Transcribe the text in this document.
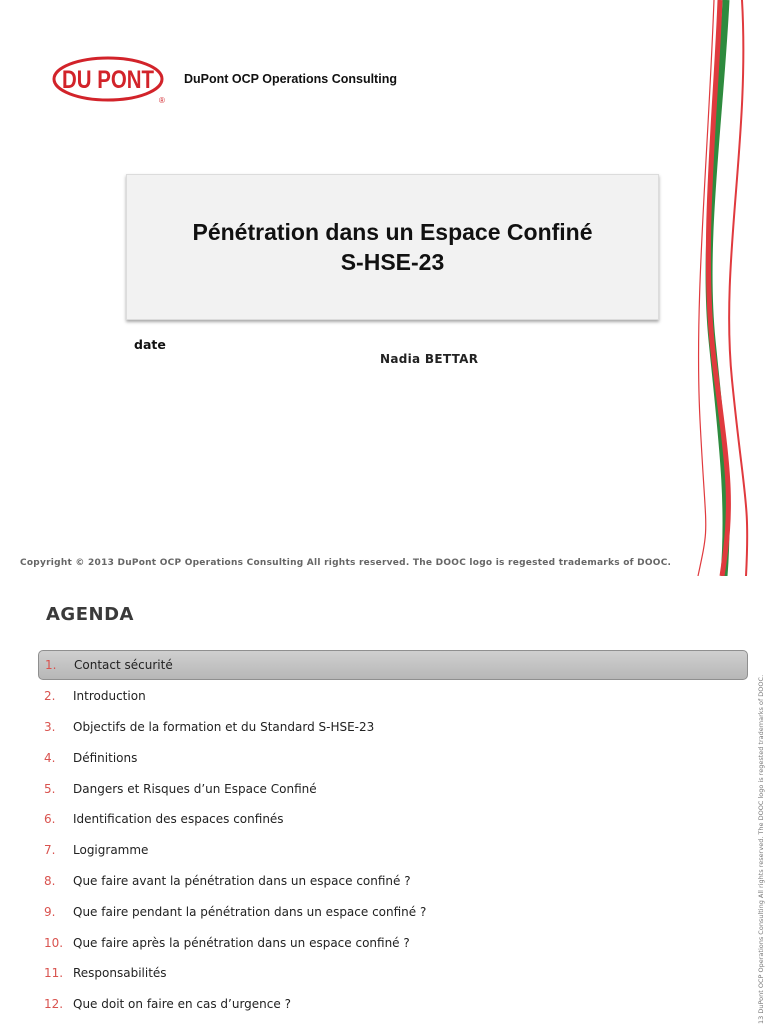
DU PONT
®
DuPont OCP Operations Consulting
Pénétration dans un Espace Confiné
S-HSE-23
date
Nadia BETTAR
Copyright © 2013 DuPont OCP Operations Consulting All rights reserved. The DOOC logo is regested trademarks of DOOC.
AGENDA
1.	Contact sécurité
2.	Introduction
3.	Objectifs de la formation et du Standard S-HSE-23
4.	Définitions
5.	Dangers et Risques d’un Espace Confiné
6.	Identification des espaces confinés
7.	Logigramme
8.	Que faire avant la pénétration dans un espace confiné ?
9.	Que faire pendant la pénétration dans un espace confiné ?
10. Que faire après la pénétration dans un espace confiné ?
11. Responsabilités
12. Que doit on faire en cas d’urgence ?	13 DuPont OCP Operations Consulting All rights reserved. The DOOC logo is regested trademarks of DOOC.
